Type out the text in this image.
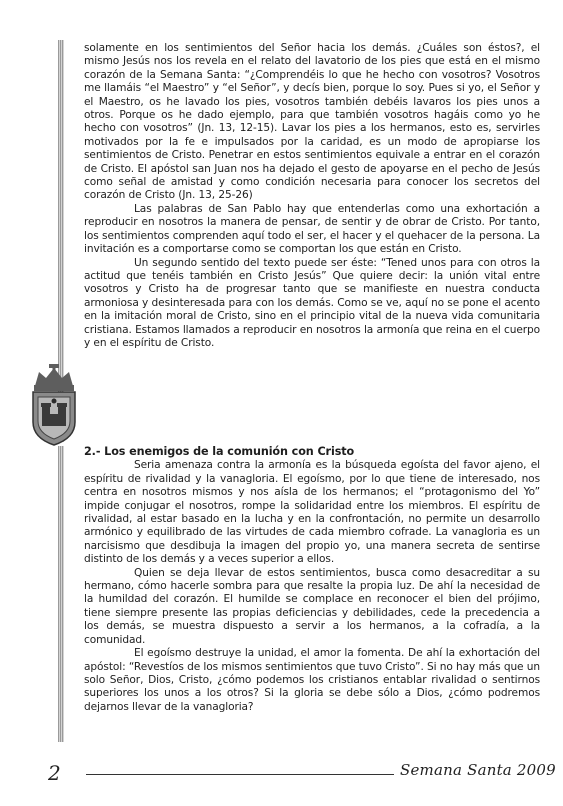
solamente en los sentimientos del Señor hacia los demás. ¿Cuáles son éstos?, el mismo Jesús nos los revela en el relato del lavatorio de los pies que está en el mismo corazón de la Semana Santa: “¿Comprendéis lo que he hecho con vosotros? Vosotros me llamáis “el Maestro” y “el Señor”, y decís bien, porque lo soy. Pues si yo, el Señor y el Maestro, os he lavado los pies, vosotros también debéis lavaros los pies unos a otros. Porque os he dado ejemplo, para que también vosotros hagáis como yo he hecho con vosotros” (Jn. 13, 12-15). Lavar los pies a los hermanos, esto es, servirles motivados por la fe e impulsados por la caridad, es un modo de apropiarse los sentimientos de Cristo. Penetrar en estos sentimientos equivale a entrar en el corazón de Cristo. El apóstol san Juan nos ha dejado el gesto de apoyarse en el pecho de Jesús como señal de amistad y como condición necesaria para conocer los secretos del corazón de Cristo (Jn. 13, 25-26)

Las palabras de San Pablo hay que entenderlas como una exhortación a reproducir en nosotros la manera de pensar, de sentir y de obrar de Cristo. Por tanto, los sentimientos comprenden aquí todo el ser, el hacer y el quehacer de la persona. La invitación es a comportarse como se comportan los que están en Cristo.

Un segundo sentido del texto puede ser éste: “Tened unos para con otros la actitud que tenéis también en Cristo Jesús” Que quiere decir: la unión vital entre vosotros y Cristo ha de progresar tanto que se manifieste en nuestra conducta armoniosa y desinteresada para con los demás. Como se ve, aquí no se pone el acento en la imitación moral de Cristo, sino en el principio vital de la nueva vida comunitaria cristiana. Estamos llamados a reproducir en nosotros la armonía que reina en el cuerpo y en el espíritu de Cristo.

2.- Los enemigos de la comunión con Cristo

Seria amenaza contra la armonía es la búsqueda egoísta del favor ajeno, el espíritu de rivalidad y la vanagloria. El egoísmo, por lo que tiene de interesado, nos centra en nosotros mismos y nos aísla de los hermanos; el “protagonismo del Yo” impide conjugar el nosotros, rompe la solidaridad entre los miembros. El espíritu de rivalidad, al estar basado en la lucha y en la confrontación, no permite un desarrollo armónico y equilibrado de las virtudes de cada miembro cofrade. La vanagloria es un narcisismo que desdibuja la imagen del propio yo, una manera secreta de sentirse distinto de los demás y a veces superior a ellos.

Quien se deja llevar de estos sentimientos, busca como desacreditar a su hermano, cómo hacerle sombra para que resalte la propia luz. De ahí la necesidad de la humildad del corazón. El humilde se complace en reconocer el bien del prójimo, tiene siempre presente las propias deficiencias y debilidades, cede la precedencia a los demás, se muestra dispuesto a servir a los hermanos, a la cofradía, a la comunidad.

El egoísmo destruye la unidad, el amor la fomenta. De ahí la exhortación del apóstol: “Revestíos de los mismos sentimientos que tuvo Cristo”. Si no hay más que un solo Señor, Dios, Cristo, ¿cómo podemos los cristianos entablar rivalidad o sentirnos superiores los unos a los otros? Si la gloria se debe sólo a Dios, ¿cómo podremos dejarnos llevar de la vanagloria?

2	Semana Santa 2009
